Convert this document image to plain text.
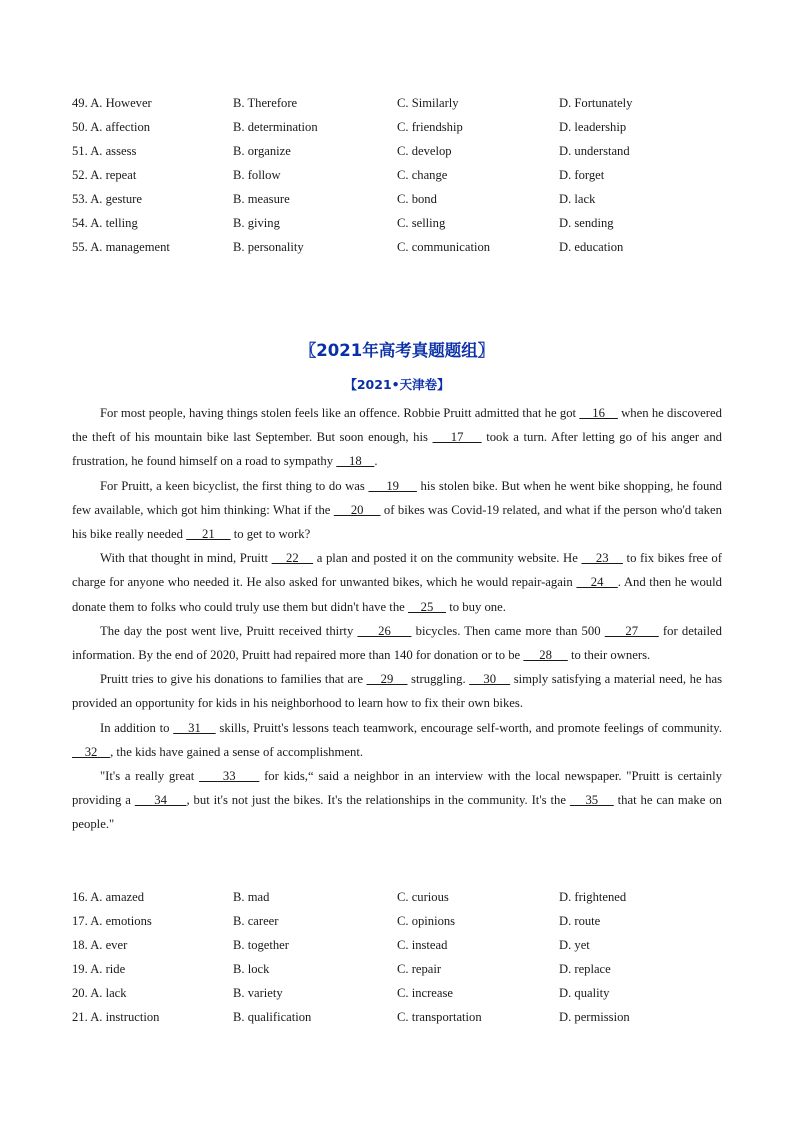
49. A. However	B. Therefore	C. Similarly	D. Fortunately
50. A. affection	B. determination	C. friendship	D. leadership
51. A. assess	B. organize	C. develop	D. understand
52. A. repeat	B. follow	C. change	D. forget
53. A. gesture	B. measure	C. bond	D. lack
54. A. telling	B. giving	C. selling	D. sending
55. A. management	B. personality	C. communication	D. education
〖2021年高考真题题组〗
【2021•天津卷】

For most people, having things stolen feels like an offence. Robbie Pruitt admitted that he got     16     when he discovered the theft of his mountain bike last September. But soon enough, his     17     took a turn. After letting go of his anger and frustration, he found himself on a road to sympathy     18    .

For Pruitt, a keen bicyclist, the first thing to do was      19      his stolen bike. But when he went bike shopping, he found few available, which got him thinking: What if the      20      of bikes was Covid-19 related, and what if the person who'd taken his bike really needed      21      to get to work?

With that thought in mind, Pruitt     22     a plan and posted it on the community website. He     23     to fix bikes free of charge for anyone who needed it. He also asked for unwanted bikes, which he would repair-again     24    . And then he would donate them to folks who could truly use them but didn't have the     25     to buy one.

The day the post went live, Pruitt received thirty      26      bicycles. Then came more than 500      27      for detailed information. By the end of 2020, Pruitt had repaired more than 140 for donation or to be      28      to their owners.

Pruitt tries to give his donations to families that are     29     struggling.     30     simply satisfying a material need, he has provided an opportunity for kids in his neighborhood to learn how to fix their own bikes.

In addition to     31     skills, Pruitt's lessons teach teamwork, encourage self-worth, and promote feelings of community.     32    , the kids have gained a sense of accomplishment.

"It's a really great      33      for kids,“ said a neighbor in an interview with the local newspaper. "Pruitt is certainly providing a      34     , but it's not just the bikes. It's the relationships in the community. It's the     35     that he can make on people."

16. A. amazed	B. mad	C. curious	D. frightened
17. A. emotions	B. career	C. opinions	D. route
18. A. ever	B. together	C. instead	D. yet
19. A. ride	B. lock	C. repair	D. replace
20. A. lack	B. variety	C. increase	D. quality
21. A. instruction	B. qualification	C. transportation	D. permission
